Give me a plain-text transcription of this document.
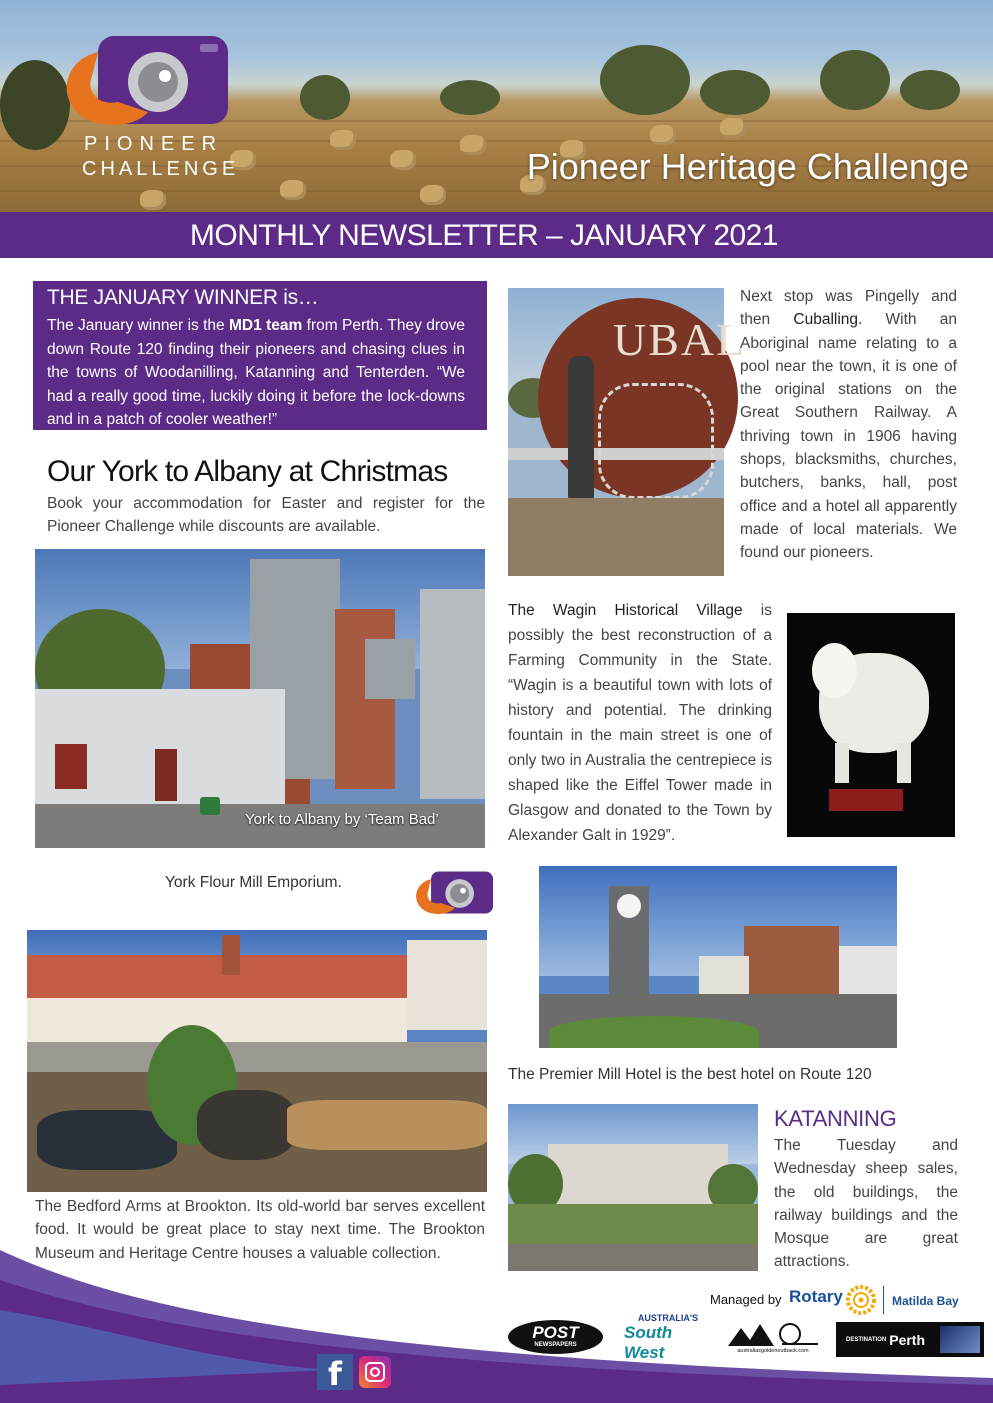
PIONEER
CHALLENGE	Pioneer Heritage Challenge
MONTHLY NEWSLETTER – JANUARY 2021
THE JANUARY WINNER is…
The January winner is the MD1 team from Perth. They drove down Route 120 finding their pioneers and chasing clues in the towns of Woodanilling, Katanning and Tenterden. “We had a really good time, luckily doing it before the lock-downs and in a patch of cooler weather!”
Our York to Albany at Christmas
Book your accommodation for Easter and register for the Pioneer Challenge while discounts are available.
York to Albany by ‘Team Bad’
York Flour Mill Emporium.
The Bedford Arms at Brookton. Its old-world bar serves excellent food. It would be great place to stay next time. The Brookton Museum and Heritage Centre houses a valuable collection.
UBAL
Next stop was Pingelly and then Cuballing. With an Aboriginal name relating to a pool near the town, it is one of the original stations on the Great Southern Railway. A thriving town in 1906 having shops, blacksmiths, churches, butchers, banks, hall, post office and a hotel all apparently made of local materials. We found our pioneers.
The Wagin Historical Village is possibly the best reconstruction of a Farming Community in the State. “Wagin is a beautiful town with lots of history and potential. The drinking fountain in the main street is one of only two in Australia the centrepiece is shaped like the Eiffel Tower made in Glasgow and donated to the Town by Alexander Galt in 1929”.
The Premier Mill Hotel is the best hotel on Route 120
KATANNING
The Tuesday and Wednesday sheep sales, the old buildings, the railway buildings and the Mosque are great attractions.
Managed by Rotary	Matilda Bay
POST
NEWSPAPERS
AUSTRALIA'S
South West	australiasgoldenoutback.com
DESTINATION Perth
f
